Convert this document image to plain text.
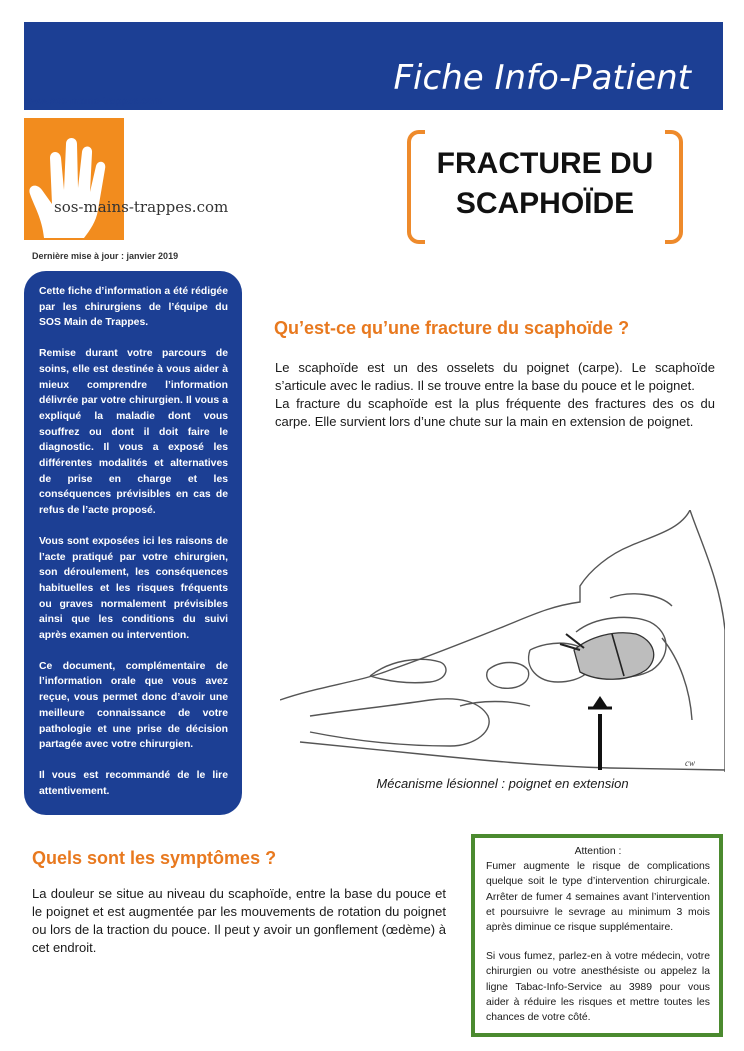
Fiche Info-Patient
www.sos-mains-trappes.com
sos-mains-trappes.com
FRACTURE DU
SCAPHOÏDE
Dernière mise à jour : janvier 2019

Cette fiche d’information a été rédigée par les chirurgiens de l’équipe du SOS Main de Trappes.

Remise durant votre parcours de soins, elle est destinée à vous aider à mieux comprendre l’information délivrée par votre chirurgien. Il vous a expliqué la maladie dont vous souffrez ou dont il doit faire le diagnostic. Il vous a exposé les différentes modalités et alternatives de prise en charge et les conséquences prévisibles en cas de refus de l’acte proposé.

Vous sont exposées ici les raisons de l’acte pratiqué par votre chirurgien, son déroulement, les conséquences habituelles et les risques fréquents ou graves normalement prévisibles ainsi que les conditions du suivi après examen ou intervention.

Ce document, complémentaire de l’information orale que vous avez reçue, vous permet donc d’avoir une meilleure connaissance de votre pathologie et une prise de décision partagée avec votre chirurgien.

Il vous est recommandé de le lire attentivement.

Qu’est-ce qu’une fracture du scaphoïde ?

Le scaphoïde est un des osselets du poignet (carpe). Le scaphoïde s’articule avec le radius. Il se trouve entre la base du pouce et le poignet.

La fracture du scaphoïde est la plus fréquente des fractures des os du carpe. Elle survient lors d’une chute sur la main en extension de poignet.

cw
Mécanisme lésionnel : poignet en extension
Quels sont les symptômes ?

La douleur se situe au niveau du scaphoïde, entre la base du pouce et le poignet et est augmentée par les mouvements de rotation du poignet ou lors de la traction du pouce. Il peut y avoir un gonflement (œdème) à cet endroit.

Attention :

Fumer augmente le risque de complications quelque soit le type d’intervention chirurgicale. Arrêter de fumer 4 semaines avant l’intervention et poursuivre le sevrage au minimum 3 mois après diminue ce risque supplémentaire.

Si vous fumez, parlez-en à votre médecin, votre chirurgien ou votre anesthésiste ou appelez la ligne Tabac-Info-Service au 3989 pour vous aider à réduire les risques et mettre toutes les chances de votre côté.
